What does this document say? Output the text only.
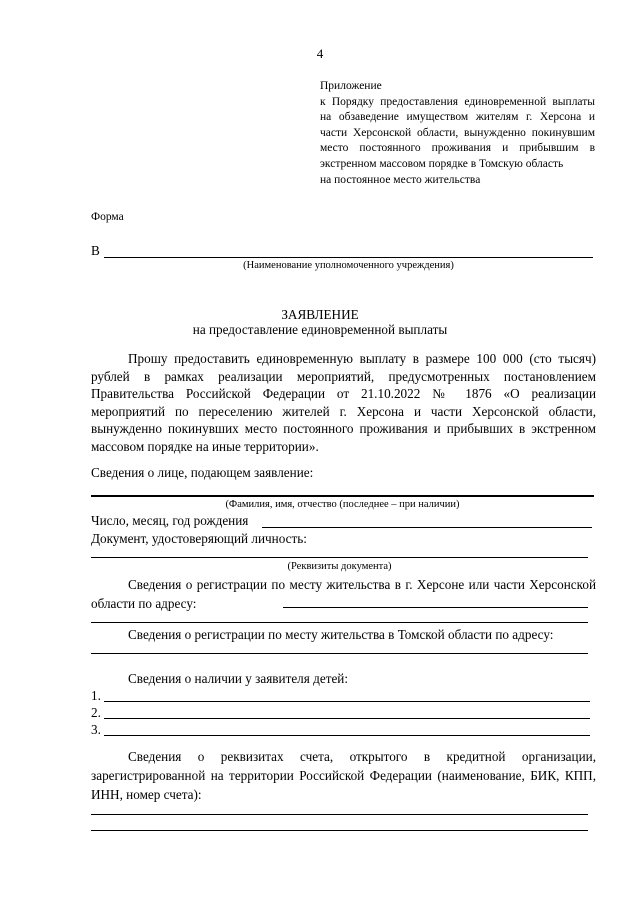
4
Приложение
к Порядку предоставления единовременной выплаты на обзаведение имуществом жителям г. Херсона и части Херсонской области, вынужденно покинувшим место постоянного проживания и прибывшим в экстренном массовом порядке в Томскую область
на постоянное место жительства
Форма
В
(Наименование уполномоченного учреждения)
ЗАЯВЛЕНИЕ
на предоставление единовременной выплаты

Прошу предоставить единовременную выплату в размере 100 000 (сто тысяч) рублей в рамках реализации мероприятий, предусмотренных постановлением Правительства Российской Федерации от 21.10.2022 № 1876 «О реализации мероприятий по переселению жителей г. Херсона и части Херсонской области, вынужденно покинувших место постоянного проживания и прибывших в экстренном массовом порядке на иные территории».

Сведения о лице, подающем заявление:
(Фамилия, имя, отчество (последнее – при наличии)
Число, месяц, год рождения
Документ, удостоверяющий личность:
(Реквизиты документа)
Сведения о регистрации по месту жительства в г. Херсоне или части Херсонской области по адресу:
Сведения о регистрации по месту жительства в Томской области по адресу:
Сведения о наличии у заявителя детей:
1.
2.
3.
Сведения о реквизитах счета, открытого в кредитной организации, зарегистрированной на территории Российской Федерации (наименование, БИК, КПП, ИНН, номер счета):
